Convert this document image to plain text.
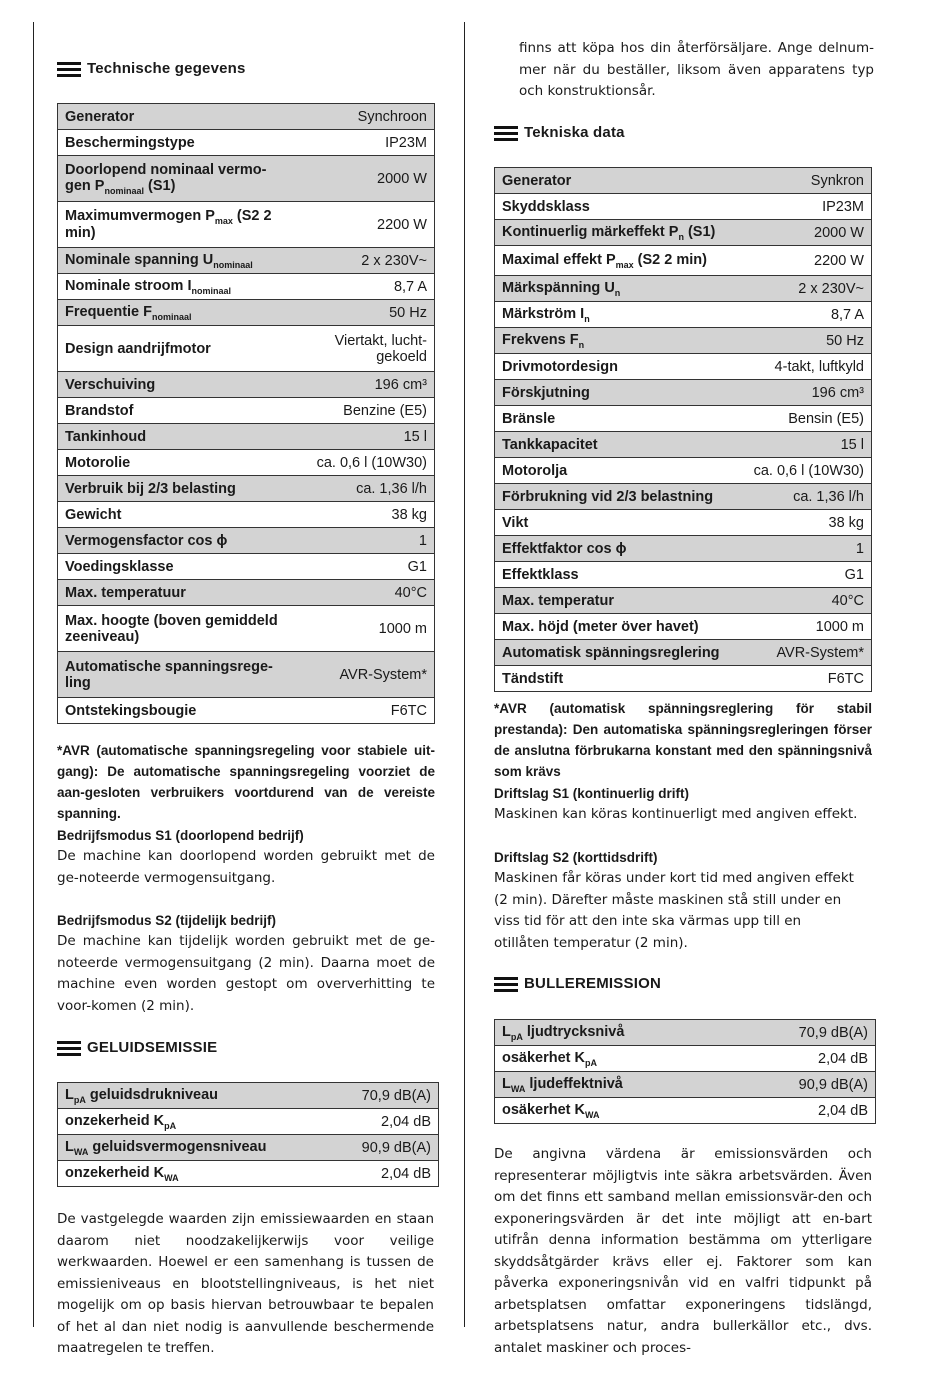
Technische gegevens
Generator	Synchroon
Beschermingstype	IP23M
Doorlopend nominaal vermo-gen $P_{nominaal}$ (S1)	2000 W
Maximumvermogen $P_{max}$ (S2 2 min)	2200 W
Nominale spanning $U_{nominaal}$	2 x 230V~
Nominale stroom $I_{nominaal}$	8,7 A
Frequentie $F_{nominaal}$	50 Hz
Design aandrijfmotor	Viertakt, lucht-gekoeld
Verschuiving	196 cm³
Brandstof	Benzine (E5)
Tankinhoud	15 l
Motorolie	ca. 0,6 l (10W30)
Verbruik bij 2/3 belasting	ca. 1,36 l/h
Gewicht	38 kg
Vermogensfactor cos ϕ	1
Voedingsklasse	G1
Max. temperatuur	40°C
Max. hoogte (boven gemiddeld zeeniveau)	1000 m
Automatische spanningsrege-ling	AVR-System*
Ontstekingsbougie	F6TC
*AVR (automatische spanningsregeling voor stabiele uit-gang): De automatische spanningsregeling voorziet de aan-gesloten verbruikers voortdurend van de vereiste spanning.
Bedrijfsmodus S1 (doorlopend bedrijf)
De machine kan doorlopend worden gebruikt met de ge-noteerde vermogensuitgang.
Bedrijfsmodus S2 (tijdelijk bedrijf)
De machine kan tijdelijk worden gebruikt met de ge-noteerde vermogensuitgang (2 min). Daarna moet de machine even worden gestopt om oververhitting te voor-komen (2 min).
GELUIDSEMISSIE
$L_{pA}$ geluidsdrukniveau	70,9 dB(A)
onzekerheid $K_{pA}$	2,04 dB
$L_{WA}$ geluidsvermogensniveau	90,9 dB(A)
onzekerheid $K_{WA}$	2,04 dB
De vastgelegde waarden zijn emissiewaarden en staan daarom niet noodzakelijkerwijs voor veilige werkwaarden. Hoewel er een samenhang is tussen de emissieniveaus en blootstellingniveaus, is het niet mogelijk om op basis hiervan betrouwbaar te bepalen of het al dan niet nodig is aanvullende beschermende maatregelen te treffen.
finns att köpa hos din återförsäljare. Ange delnum-mer när du beställer, liksom även apparatens typ och konstruktionsår.
Tekniska data
Generator	Synkron
Skyddsklass	IP23M
Kontinuerlig märkeffekt $P_n$ (S1)	2000 W
Maximal effekt $P_{max}$ (S2 2 min)	2200 W
Märkspänning $U_n$	2 x 230V~
Märkström $I_n$	8,7 A
Frekvens $F_n$	50 Hz
Drivmotordesign	4-takt, luftkyld
Förskjutning	196 cm³
Bränsle	Bensin (E5)
Tankkapacitet	15 l
Motorolja	ca. 0,6 l (10W30)
Förbrukning vid 2/3 belastning	ca. 1,36 l/h
Vikt	38 kg
Effektfaktor cos ϕ	1
Effektklass	G1
Max. temperatur	40°C
Max. höjd (meter över havet)	1000 m
Automatisk spänningsreglering	AVR-System*
Tändstift	F6TC
*AVR (automatisk spänningsreglering för stabil prestanda): Den automatiska spänningsregleringen förser de anslutna förbrukarna konstant med den spänningsnivå som krävs
Driftslag S1 (kontinuerlig drift)
Maskinen kan köras kontinuerligt med angiven effekt.
Driftslag S2 (korttidsdrift)
Maskinen får köras under kort tid med angiven effekt (2 min). Därefter måste maskinen stå still under en viss tid för att den inte ska värmas upp till en otillåten temperatur (2 min).
BULLEREMISSION
$L_{pA}$ ljudtrycksnivå	70,9 dB(A)
osäkerhet $K_{pA}$	2,04 dB
$L_{WA}$ ljudeffektnivå	90,9 dB(A)
osäkerhet $K_{WA}$	2,04 dB
De angivna värdena är emissionsvärden och representerar möjligtvis inte säkra arbetsvärden. Även om det finns ett samband mellan emissionsvär-den och exponeringsvärden är det inte möjligt att en-bart utifrån denna information bestämma om ytterligare skyddsåtgärder krävs eller ej. Faktorer som kan påverka exponeringsnivån vid en valfri tidpunkt på arbetsplatsen omfattar exponeringens tidslängd, arbetsplatsens natur, andra bullerkällor etc., dvs. antalet maskiner och proces-
